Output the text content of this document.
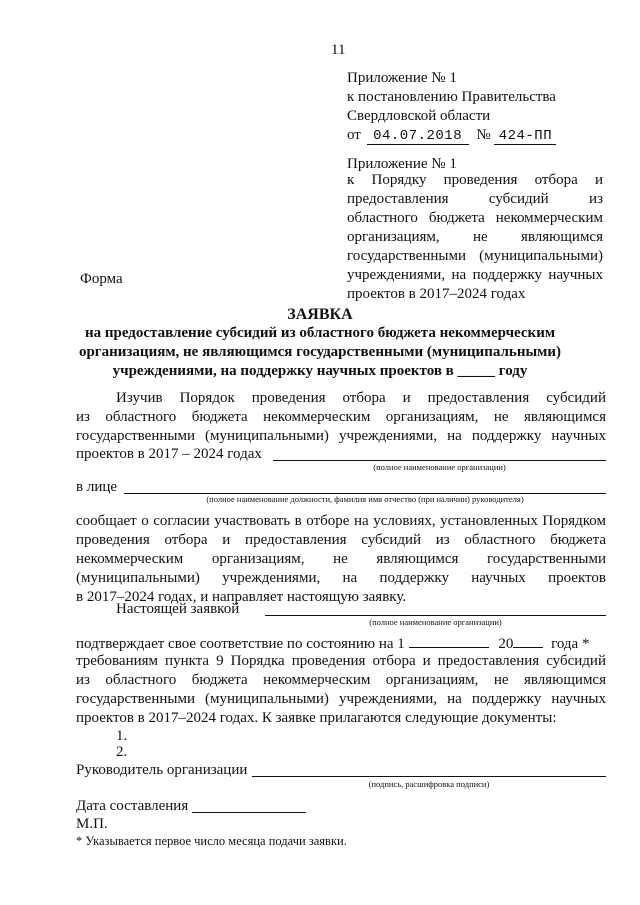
11
Приложение № 1
к постановлению Правительства
Свердловской области
от 04.07.2018 № 424-ПП
Приложение № 1
к Порядку проведения отбора и
предоставления субсидий из
областного бюджета некоммерческим
организациям, не являющимся
государственными (муниципальными)
учреждениями, на поддержку научных
проектов в 2017–2024 годах
Форма
ЗАЯВКА
на предоставление субсидий из областного бюджета некоммерческим
организациям, не являющимся государственными (муниципальными)
учреждениями, на поддержку научных проектов в _____ году
Изучив Порядок проведения отбора и предоставления субсидий
из областного бюджета некоммерческим организациям, не являющимся
государственными (муниципальными) учреждениями, на поддержку научных
проектов в 2017 – 2024 годах
(полное наименование организации)
в лице
(полное наименование должности, фамилия имя отчество (при наличии) руководителя)
сообщает о согласии участвовать в отборе на условиях, установленных Порядком
проведения отбора и предоставления субсидий из областного бюджета
некоммерческим организациям, не являющимся государственными
(муниципальными) учреждениями, на поддержку научных проектов
в 2017–2024 годах, и направляет настоящую заявку.
Настоящей заявкой
(полное наименование организации)
подтверждает свое соответствие по состоянию на 1	20	года *
требованиям пункта 9 Порядка проведения отбора и предоставления субсидий
из областного бюджета некоммерческим организациям, не являющимся
государственными (муниципальными) учреждениями, на поддержку научных
проектов в 2017–2024 годах. К заявке прилагаются следующие документы:
1.
2.
Руководитель организации
(подпись, расшифровка подписи)
Дата составления
М.П.
* Указывается первое число месяца подачи заявки.
